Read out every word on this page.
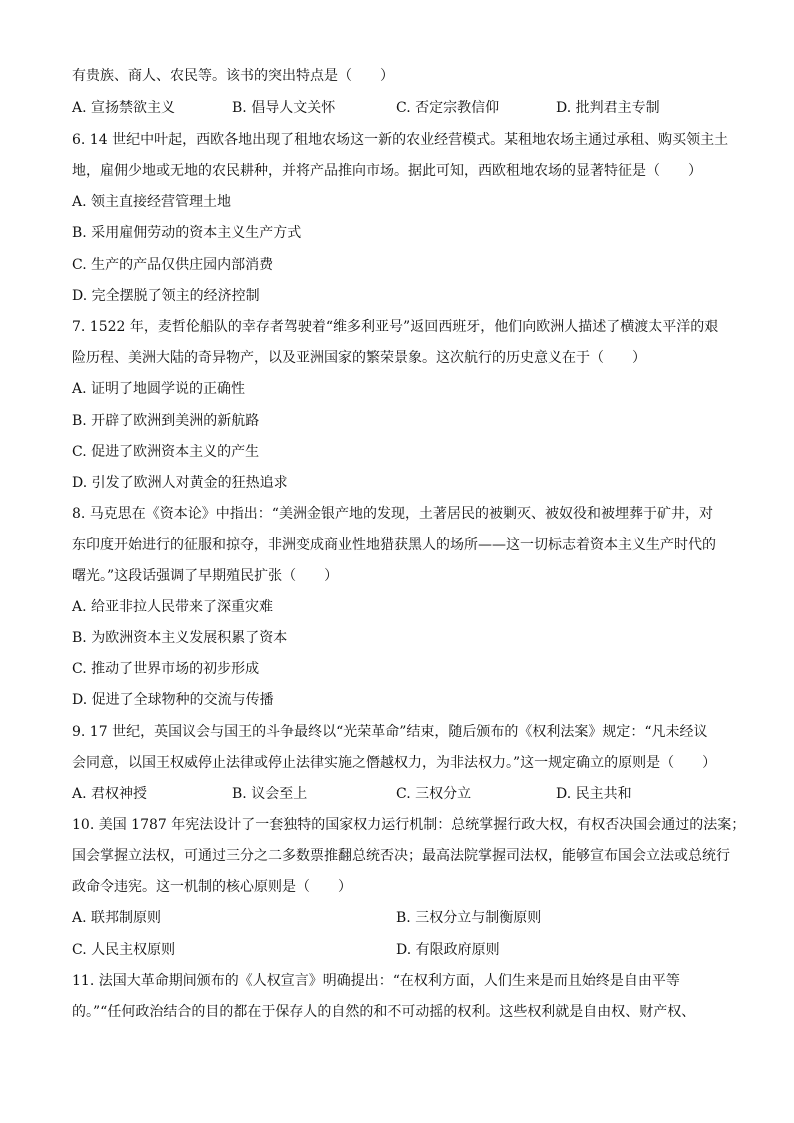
有贵族、商人、农民等。该书的突出特点是（　　）
A. 宣扬禁欲主义	B. 倡导人文关怀	C. 否定宗教信仰	D. 批判君主专制
6. 14 世纪中叶起，西欧各地出现了租地农场这一新的农业经营模式。某租地农场主通过承租、购买领主土
地，雇佣少地或无地的农民耕种，并将产品推向市场。据此可知，西欧租地农场的显著特征是（　　）
A. 领主直接经营管理土地
B. 采用雇佣劳动的资本主义生产方式
C. 生产的产品仅供庄园内部消费
D. 完全摆脱了领主的经济控制
7. 1522 年，麦哲伦船队的幸存者驾驶着“维多利亚号”返回西班牙，他们向欧洲人描述了横渡太平洋的艰
险历程、美洲大陆的奇异物产，以及亚洲国家的繁荣景象。这次航行的历史意义在于（　　）
A. 证明了地圆学说的正确性
B. 开辟了欧洲到美洲的新航路
C. 促进了欧洲资本主义的产生
D. 引发了欧洲人对黄金的狂热追求
8. 马克思在《资本论》中指出：“美洲金银产地的发现，土著居民的被剿灭、被奴役和被埋葬于矿井，对
东印度开始进行的征服和掠夺，非洲变成商业性地猎获黑人的场所——这一切标志着资本主义生产时代的
曙光。”这段话强调了早期殖民扩张（　　）
A. 给亚非拉人民带来了深重灾难
B. 为欧洲资本主义发展积累了资本
C. 推动了世界市场的初步形成
D. 促进了全球物种的交流与传播
9. 17 世纪，英国议会与国王的斗争最终以“光荣革命”结束，随后颁布的《权利法案》规定：“凡未经议
会同意，以国王权威停止法律或停止法律实施之僭越权力，为非法权力。”这一规定确立的原则是（　　）
A. 君权神授	B. 议会至上	C. 三权分立	D. 民主共和
10. 美国 1787 年宪法设计了一套独特的国家权力运行机制：总统掌握行政大权，有权否决国会通过的法案；
国会掌握立法权，可通过三分之二多数票推翻总统否决；最高法院掌握司法权，能够宣布国会立法或总统行
政命令违宪。这一机制的核心原则是（　　）
A. 联邦制原则	B. 三权分立与制衡原则
C. 人民主权原则	D. 有限政府原则
11. 法国大革命期间颁布的《人权宣言》明确提出：“在权利方面，人们生来是而且始终是自由平等
的。”“任何政治结合的目的都在于保存人的自然的和不可动摇的权利。这些权利就是自由权、财产权、
